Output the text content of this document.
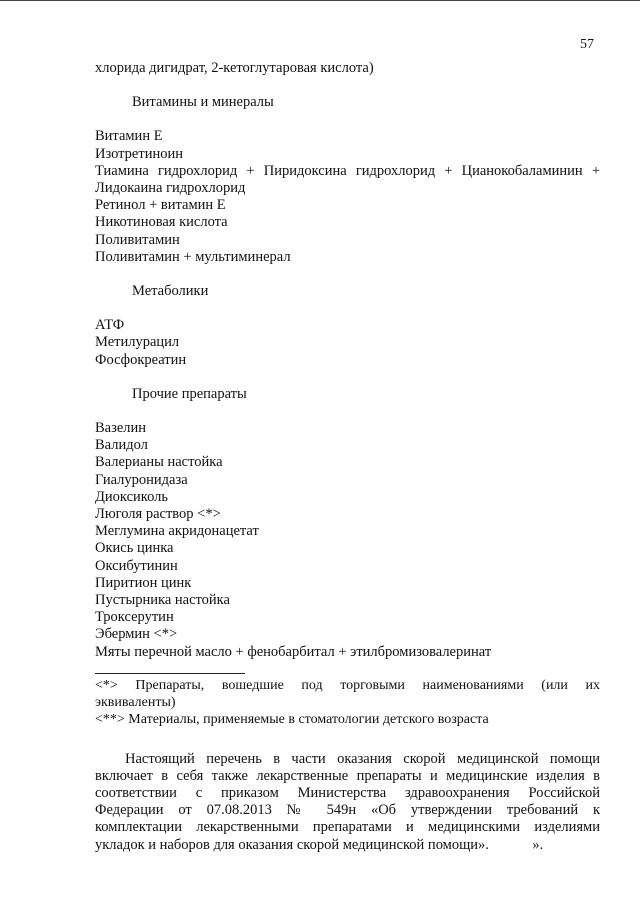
57
хлорида дигидрат, 2-кетоглутаровая кислота)
Витамины и минералы
Витамин Е
Изотретиноин
Тиамина гидрохлорид + Пиридоксина гидрохлорид + Цианокобаламинин +
Лидокаина гидрохлорид
Ретинол + витамин Е
Никотиновая кислота
Поливитамин
Поливитамин + мультиминерал
Метаболики
АТФ
Метилурацил
Фосфокреатин
Прочие препараты
Вазелин
Валидол
Валерианы настойка
Гиалуронидаза
Диоксиколь
Люголя раствор <*>
Меглумина акридонацетат
Окись цинка
Оксибутинин
Пиритион цинк
Пустырника настойка
Троксерутин
Эбермин <*>
Мяты перечной масло + фенобарбитал + этилбромизовалеринат
<*> Препараты, вошедшие под торговыми наименованиями (или их
эквиваленты)
<**> Материалы, применяемые в стоматологии детского возраста
Настоящий перечень в части оказания скорой медицинской помощи
включает в себя также лекарственные препараты и медицинские изделия в
соответствии с приказом Министерства здравоохранения Российской
Федерации от 07.08.2013 № 549н «Об утверждении требований к
комплектации лекарственными препаратами и медицинскими изделиями
укладок и наборов для оказания скорой медицинской помощи».            ».
